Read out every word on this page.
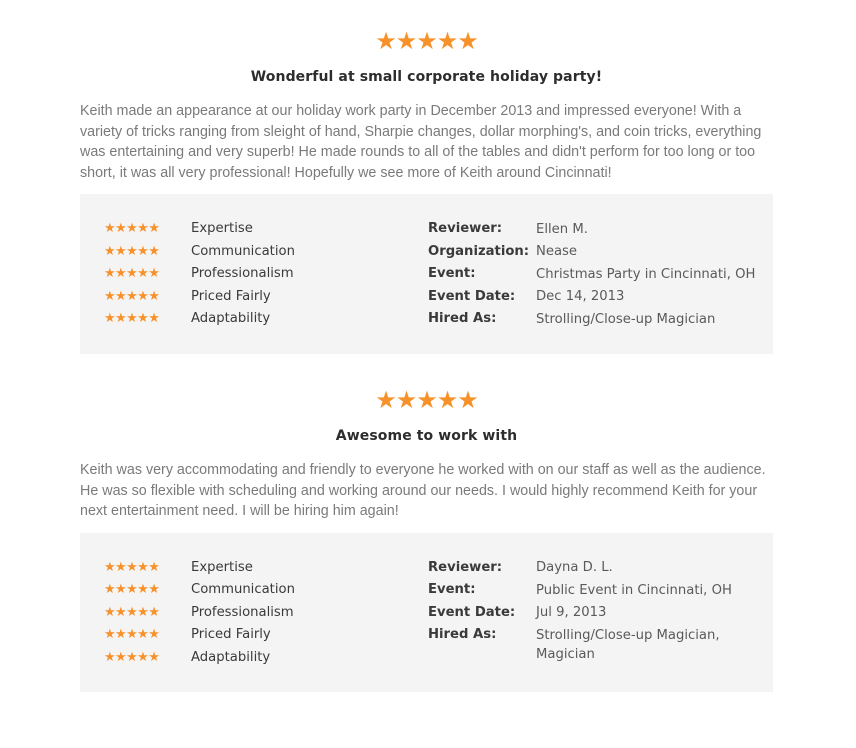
★★★★★
Wonderful at small corporate holiday party!
Keith made an appearance at our holiday work party in December 2013 and impressed everyone! With a variety of tricks ranging from sleight of hand, Sharpie changes, dollar morphing's, and coin tricks, everything was entertaining and very superb! He made rounds to all of the tables and didn't perform for too long or too short, it was all very professional! Hopefully we see more of Keith around Cincinnati!
★★★★★	Expertise
★★★★★	Communication
★★★★★	Professionalism
★★★★★	Priced Fairly
★★★★★	Adaptability
Reviewer:	Ellen M.
Organization: Nease
Event:	Christmas Party in Cincinnati, OH
Event Date:	Dec 14, 2013
Hired As:	Strolling/Close-up Magician
★★★★★
Awesome to work with
Keith was very accommodating and friendly to everyone he worked with on our staff as well as the audience. He was so flexible with scheduling and working around our needs. I would highly recommend Keith for your next entertainment need. I will be hiring him again!
★★★★★	Expertise
★★★★★	Communication
★★★★★	Professionalism
★★★★★	Priced Fairly
★★★★★	Adaptability
Reviewer:	Dayna D. L.
Event:	Public Event in Cincinnati, OH
Event Date:	Jul 9, 2013
Hired As:	Strolling/Close-up Magician, Magician
